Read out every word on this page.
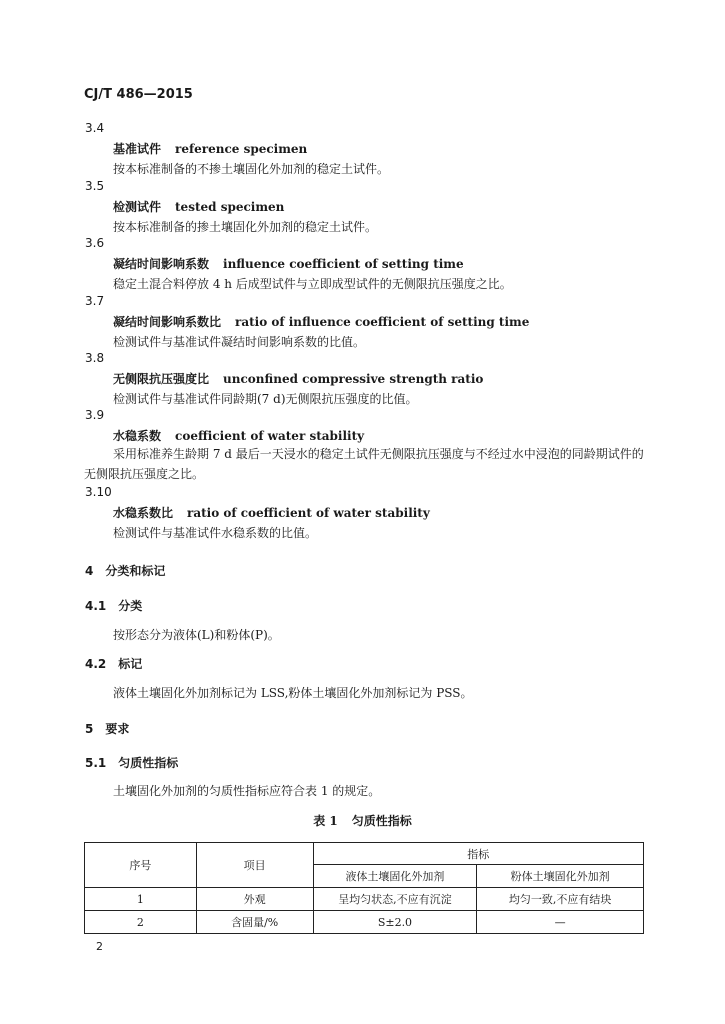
CJ/T 486—2015
3.4
基准试件 reference specimen
按本标准制备的不掺土壤固化外加剂的稳定土试件。
3.5
检测试件 tested specimen
按本标准制备的掺土壤固化外加剂的稳定土试件。
3.6
凝结时间影响系数 influence coefficient of setting time
稳定土混合料停放 4 h 后成型试件与立即成型试件的无侧限抗压强度之比。
3.7
凝结时间影响系数比 ratio of influence coefficient of setting time
检测试件与基准试件凝结时间影响系数的比值。
3.8
无侧限抗压强度比 unconfined compressive strength ratio
检测试件与基准试件同龄期(7 d)无侧限抗压强度的比值。
3.9
水稳系数 coefficient of water stability
采用标准养生龄期 7 d 最后一天浸水的稳定土试件无侧限抗压强度与不经过水中浸泡的同龄期试件的无侧限抗压强度之比。
3.10
水稳系数比 ratio of coefficient of water stability
检测试件与基准试件水稳系数的比值。
4 分类和标记
4.1 分类
按形态分为液体(L)和粉体(P)。
4.2 标记
液体土壤固化外加剂标记为 LSS,粉体土壤固化外加剂标记为 PSS。
5 要求
5.1 匀质性指标
土壤固化外加剂的匀质性指标应符合表 1 的规定。
表 1 匀质性指标
序号	项目	指标	
		液体土壤固化外加剂	粉体土壤固化外加剂
1	外观	呈均匀状态,不应有沉淀	均匀一致,不应有结块
2	含固量/%	S±2.0	—
2
